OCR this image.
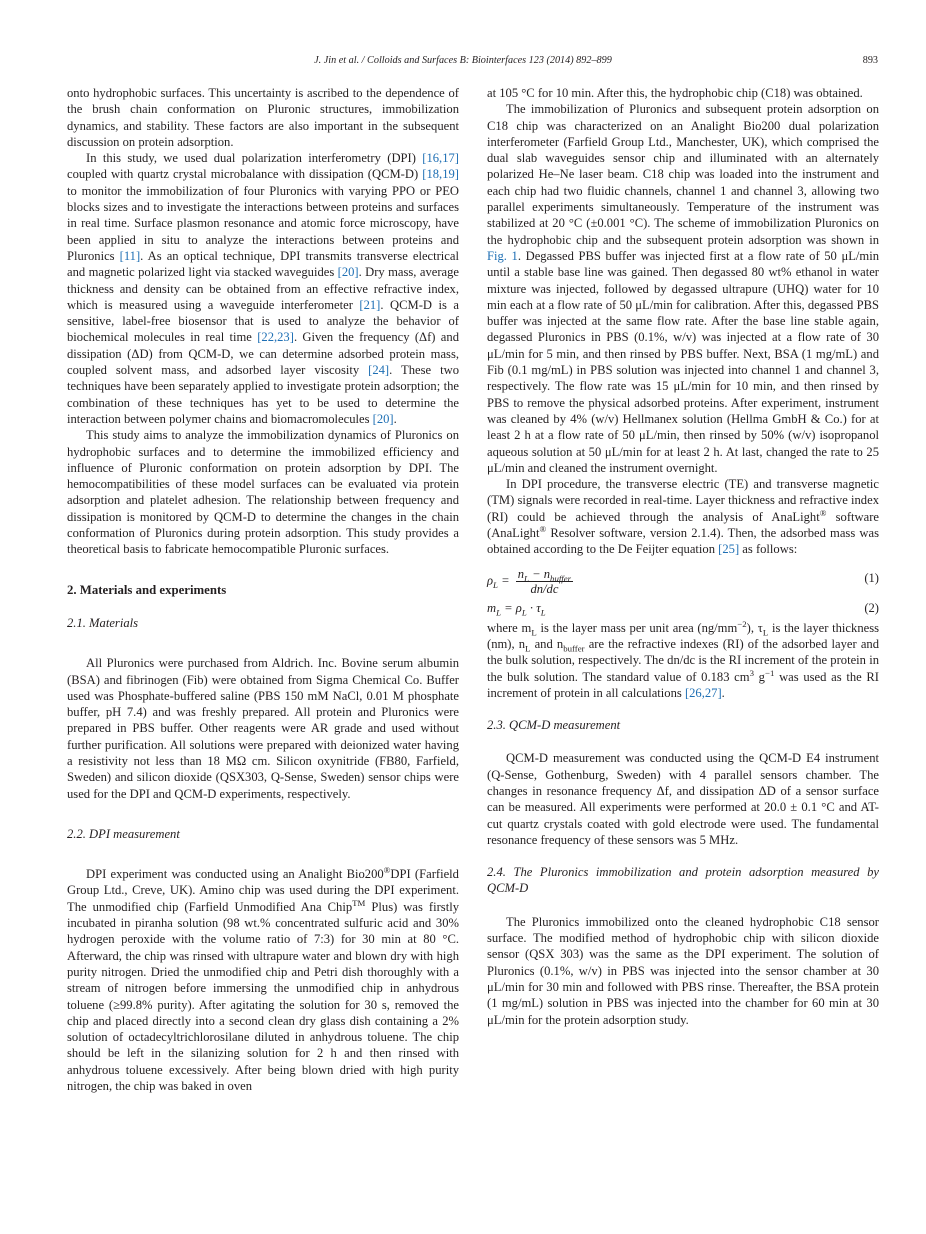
J. Jin et al. / Colloids and Surfaces B: Biointerfaces 123 (2014) 892–899	893

onto hydrophobic surfaces. This uncertainty is ascribed to the dependence of the brush chain conformation on Pluronic structures, immobilization dynamics, and stability. These factors are also important in the subsequent discussion on protein adsorption.

In this study, we used dual polarization interferometry (DPI) [16,17] coupled with quartz crystal microbalance with dissipation (QCM-D) [18,19] to monitor the immobilization of four Pluronics with varying PPO or PEO blocks sizes and to investigate the interactions between proteins and surfaces in real time. Surface plasmon resonance and atomic force microscopy, have been applied in situ to analyze the interactions between proteins and Pluronics [11]. As an optical technique, DPI transmits transverse electrical and magnetic polarized light via stacked waveguides [20]. Dry mass, average thickness and density can be obtained from an effective refractive index, which is measured using a waveguide interferometer [21]. QCM-D is a sensitive, label-free biosensor that is used to analyze the behavior of biochemical molecules in real time [22,23]. Given the frequency (Δf) and dissipation (ΔD) from QCM-D, we can determine adsorbed protein mass, coupled solvent mass, and adsorbed layer viscosity [24]. These two techniques have been separately applied to investigate protein adsorption; the combination of these techniques has yet to be used to determine the interaction between polymer chains and biomacromolecules [20].

This study aims to analyze the immobilization dynamics of Pluronics on hydrophobic surfaces and to determine the immobilized efficiency and influence of Pluronic conformation on protein adsorption by DPI. The hemocompatibilities of these model surfaces can be evaluated via protein adsorption and platelet adhesion. The relationship between frequency and dissipation is monitored by QCM-D to determine the changes in the chain conformation of Pluronics during protein adsorption. This study provides a theoretical basis to fabricate hemocompatible Pluronic surfaces.

2. Materials and experiments

2.1. Materials

All Pluronics were purchased from Aldrich. Inc. Bovine serum albumin (BSA) and fibrinogen (Fib) were obtained from Sigma Chemical Co. Buffer used was Phosphate-buffered saline (PBS 150 mM NaCl, 0.01 M phosphate buffer, pH 7.4) and was freshly prepared. All protein and Pluronics were prepared in PBS buffer. Other reagents were AR grade and used without further purification. All solutions were prepared with deionized water having a resistivity not less than 18 MΩ cm. Silicon oxynitride (FB80, Farfield, Sweden) and silicon dioxide (QSX303, Q-Sense, Sweden) sensor chips were used for the DPI and QCM-D experiments, respectively.

2.2. DPI measurement

DPI experiment was conducted using an Analight Bio200®DPI (Farfield Group Ltd., Creve, UK). Amino chip was used during the DPI experiment. The unmodified chip (Farfield Unmodified Ana Chip™ Plus) was firstly incubated in piranha solution (98 wt.% concentrated sulfuric acid and 30% hydrogen peroxide with the volume ratio of 7:3) for 30 min at 80 °C. Afterward, the chip was rinsed with ultrapure water and blown dry with high purity nitrogen. Dried the unmodified chip and Petri dish thoroughly with a stream of nitrogen before immersing the unmodified chip in anhydrous toluene (≥99.8% purity). After agitating the solution for 30 s, removed the chip and placed directly into a second clean dry glass dish containing a 2% solution of octadecyltrichlorosilane diluted in anhydrous toluene. The chip should be left in the silanizing solution for 2 h and then rinsed with anhydrous toluene excessively. After being blown dried with high purity nitrogen, the chip was baked in oven

at 105 °C for 10 min. After this, the hydrophobic chip (C18) was obtained.

The immobilization of Pluronics and subsequent protein adsorption on C18 chip was characterized on an Analight Bio200 dual polarization interferometer (Farfield Group Ltd., Manchester, UK), which comprised the dual slab waveguides sensor chip and illuminated with an alternately polarized He–Ne laser beam. C18 chip was loaded into the instrument and each chip had two fluidic channels, channel 1 and channel 3, allowing two parallel experiments simultaneously. Temperature of the instrument was stabilized at 20 °C (±0.001 °C). The scheme of immobilization Pluronics on the hydrophobic chip and the subsequent protein adsorption was shown in Fig. 1. Degassed PBS buffer was injected first at a flow rate of 50 μL/min until a stable base line was gained. Then degassed 80 wt% ethanol in water mixture was injected, followed by degassed ultrapure (UHQ) water for 10 min each at a flow rate of 50 μL/min for calibration. After this, degassed PBS buffer was injected at the same flow rate. After the base line stable again, degassed Pluronics in PBS (0.1%, w/v) was injected at a flow rate of 30 μL/min for 5 min, and then rinsed by PBS buffer. Next, BSA (1 mg/mL) and Fib (0.1 mg/mL) in PBS solution was injected into channel 1 and channel 3, respectively. The flow rate was 15 μL/min for 10 min, and then rinsed by PBS to remove the physical adsorbed proteins. After experiment, instrument was cleaned by 4% (w/v) Hellmanex solution (Hellma GmbH & Co.) for at least 2 h at a flow rate of 50 μL/min, then rinsed by 50% (w/v) isopropanol aqueous solution at 50 μL/min for at least 2 h. At last, changed the rate to 25 μL/min and cleaned the instrument overnight.

In DPI procedure, the transverse electric (TE) and transverse magnetic (TM) signals were recorded in real-time. Layer thickness and refractive index (RI) could be achieved through the analysis of AnaLight® software (AnaLight® Resolver software, version 2.1.4). Then, the adsorbed mass was obtained according to the De Feijter equation [25] as follows:

$\rho_L = \frac{n_L - n_{buffer}}{dn/dc}$	(1)
$m_L = \rho_L \cdot \tau_L$	(2)

where $m_L$ is the layer mass per unit area $(ng/mm^{-2})$, $\tau_L$ is the layer thickness (nm), $n_L$ and $n_{buffer}$ are the refractive indexes (RI) of the adsorbed layer and the bulk solution, respectively. The dn/dc is the RI increment of the protein in the bulk solution. The standard value of 0.183 $cm^3$ $g^{-1}$ was used as the RI increment of protein in all calculations [26,27].

2.3. QCM-D measurement

QCM-D measurement was conducted using the QCM-D E4 instrument (Q-Sense, Gothenburg, Sweden) with 4 parallel sensors chamber. The changes in resonance frequency Δf, and dissipation ΔD of a sensor surface can be measured. All experiments were performed at 20.0 ± 0.1 °C and AT-cut quartz crystals coated with gold electrode were used. The fundamental resonance frequency of these sensors was 5 MHz.

2.4. The Pluronics immobilization and protein adsorption measured by QCM-D

The Pluronics immobilized onto the cleaned hydrophobic C18 sensor surface. The modified method of hydrophobic chip with silicon dioxide sensor (QSX 303) was the same as the DPI experiment. The solution of Pluronics (0.1%, w/v) in PBS was injected into the sensor chamber at 30 μL/min for 30 min and followed with PBS rinse. Thereafter, the BSA protein (1 mg/mL) solution in PBS was injected into the chamber for 60 min at 30 μL/min for the protein adsorption study.
